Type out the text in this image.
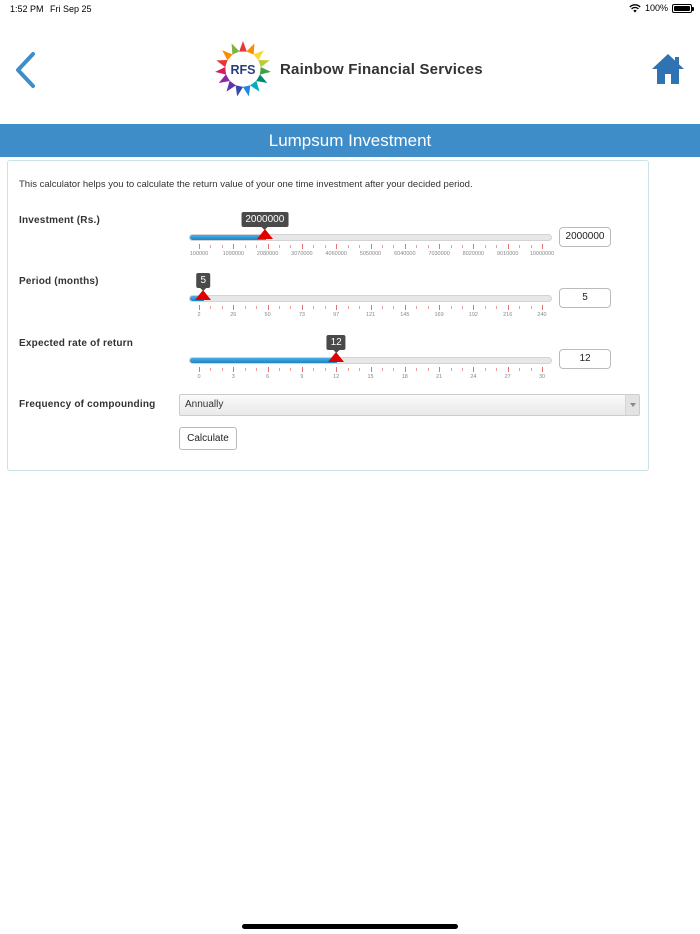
1:52 PM Fri Sep 25	100%
RFS Rainbow Financial Services
Lumpsum Investment
This calculator helps you to calculate the return value of your one time investment after your decided period.
Investment (Rs.)
100000	1090000 2080000 3070000 4060000 5050000 6040000 7030000 8020000 9010000 10000000
2000000
2000000
Period (months)
2	26	50	73	97	121	145	169	192	216	240
5
5
Expected rate of return
0	3	6	9	12	15	18	21	24	27	30
12
12
Frequency of compounding	Annually
Calculate
